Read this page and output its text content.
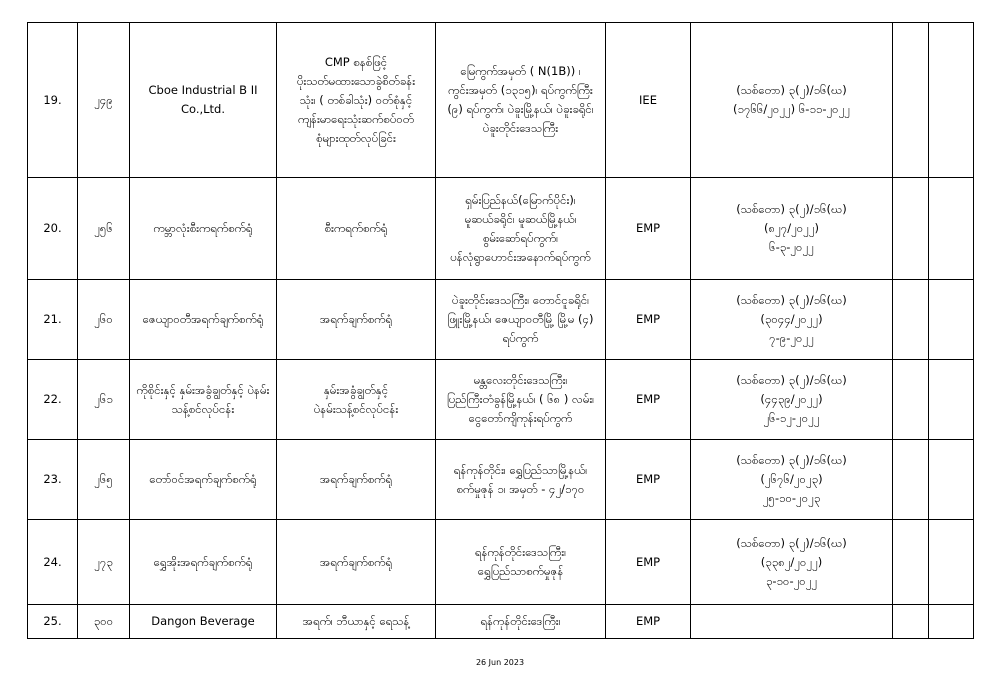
19.	၂၄၉	Cboe Industrial B II Co.,Ltd.	CMP စနစ်ဖြင့်
ပိုးသတ်မထားသောခွဲစိတ်ခန်း
သုံး၊ ( တစ်ခါသုံး) ဝတ်စုံနှင့်
ကျန်းမာရေးသုံးဆက်စပ်ဝတ်
စုံများထုတ်လုပ်ခြင်း	မြေကွက်အမှတ် ( N(1B)) ၊
ကွင်းအမှတ် (၁၃၁၅)၊ ရပ်ကွက်ကြီး
(၉) ရပ်ကွက်၊ ပဲခူးမြို့နယ်၊ ပဲခူးခရိုင်၊
ပဲခူးတိုင်းဒေသကြီး	IEE	(သစ်တော) ၃(၂)/၁၆(ဃ)
(၁၇၆၆/၂၀၂၂) ၆-၁၁-၂၀၂၂		

20.	၂၅၆	ကမ္ဘာလုံးစီးကရက်စက်ရုံ	စီးကရက်စက်ရုံ	ရှမ်းပြည်နယ်(မြောက်ပိုင်း)၊
မူဆယ်ခရိုင်၊ မူဆယ်မြို့နယ်၊
စွမ်းဆော်ရပ်ကွက်၊
ပန်လုံရွာဟောင်းအနောက်ရပ်ကွက်	EMP	(သစ်တော) ၃(၂)/၁၆(ဃ)
(၈၂၇/၂၀၂၂)
၆-၃-၂၀၂၂		

21.	၂၆၀	ဇေယျာဝတီအရက်ချက်စက်ရုံ	အရက်ချက်စက်ရုံ	ပဲခူးတိုင်းဒေသကြီး၊ တောင်ငူခရိုင်၊
ဖြူးမြို့နယ်၊ ဇေယျာဝတီမြို့ မြို့မ (၄)
ရပ်ကွက်	EMP	(သစ်တော) ၃(၂)/၁၆(ဃ)
(၃၀၄၄/၂၀၂၂)
၇-၉-၂၀၂၂		

22.	၂၆၁	ကိုစိုင်းနှင့် နှမ်းအခွံချွတ်နှင့် ပဲနမ်းသန့်စင်လုပ်ငန်း	နှမ်းအခွံချွတ်နှင့်
ပဲနမ်းသန့်စင်လုပ်ငန်း	မန္တလေးတိုင်းဒေသကြီး၊
ပြည်ကြီးတံခွန်မြို့နယ်၊ ( ၆၈ ) လမ်း၊
ငွေတော်ကျိကုန်းရပ်ကွက်	EMP	(သစ်တော) ၃(၂)/၁၆(ဃ)
(၄၄၃၉/၂၀၂၂)
၂၆-၁၂-၂၀၂၂		

23.	၂၆၅	တော်ဝင်အရက်ချက်စက်ရုံ	အရက်ချက်စက်ရုံ	ရန်ကုန်တိုင်း၊ ရွှေပြည်သာမြို့နယ်၊
စက်မှုဇုန် ၁၊ အမှတ် - ၄၂/၁၇၀	EMP	(သစ်တော) ၃(၂)/၁၆(ဃ)
(၂၆၇၆/၂၀၂၃)
၂၅-၁၀-၂၀၂၃		

24.	၂၇၃	ရွှေအိုးအရက်ချက်စက်ရုံ	အရက်ချက်စက်ရုံ	ရန်ကုန်တိုင်းဒေသကြီး၊
ရွှေပြည်သာစက်မှုဇုန်	EMP	(သစ်တော) ၃(၂)/၁၆(ဃ)
(၃၃၈၂/၂၀၂၂)
၃-၁၀-၂၀၂၂		

25.	၃၀၀	Dangon Beverage	အရက်၊ ဘီယာနှင့် ရေသန့်	ရန်ကုန်တိုင်းဒေကြီး၊	EMP	

26 Jun 2023
